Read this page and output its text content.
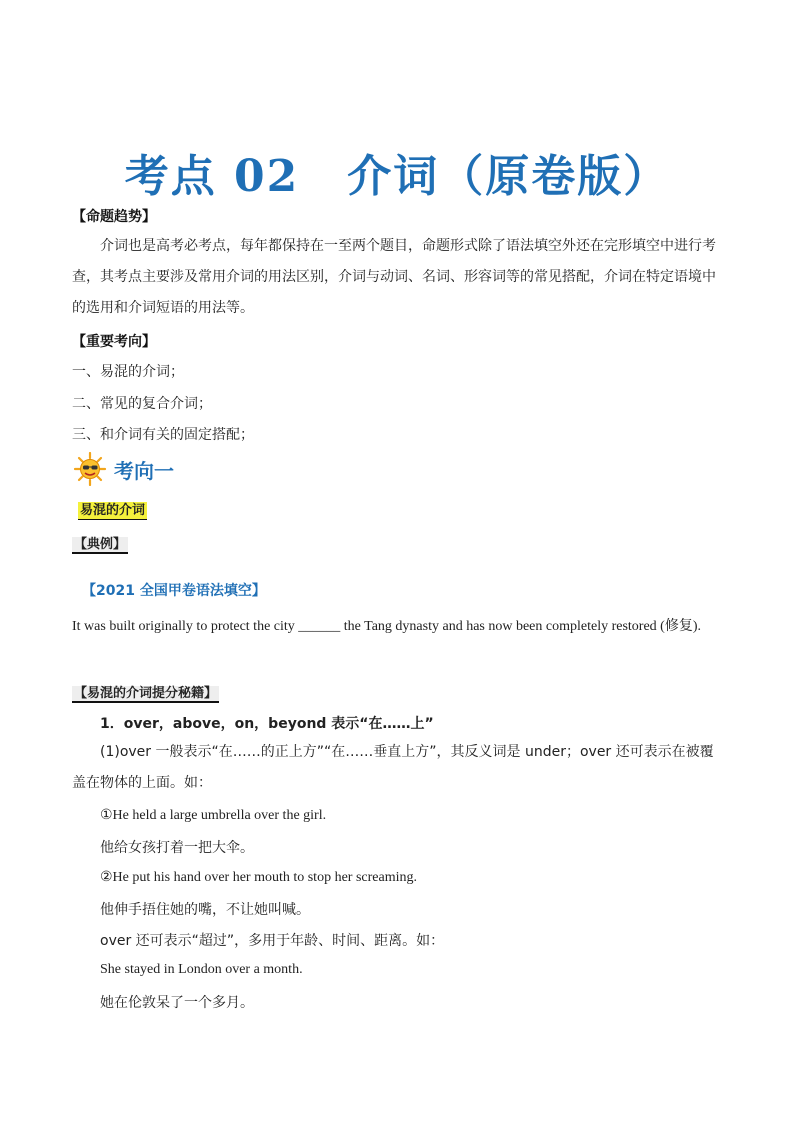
考点 02 介词（原卷版）
【命题趋势】
介词也是高考必考点，每年都保持在一至两个题目，命题形式除了语法填空外还在完形填空中进行考查，其考点主要涉及常用介词的用法区别，介词与动词、名词、形容词等的常见搭配，介词在特定语境中的选用和介词短语的用法等。
【重要考向】
一、易混的介词；
二、常见的复合介词；
三、和介词有关的固定搭配；
考向一
易混的介词
【典例】
【2021 全国甲卷语法填空】
It was built originally to protect the city ______ the Tang dynasty and has now been completely restored (修复).
【易混的介词提分秘籍】
1．over，above，on，beyond 表示“在……上”
(1)over 一般表示“在……的正上方”“在……垂直上方”，其反义词是 under；over 还可表示在被覆盖在物体的上面。如：
①He held a large umbrella over the girl.
他给女孩打着一把大伞。
②He put his hand over her mouth to stop her screaming.
他伸手捂住她的嘴，不让她叫喊。
over 还可表示“超过”，多用于年龄、时间、距离。如：
She stayed in London over a month.
她在伦敦呆了一个多月。
